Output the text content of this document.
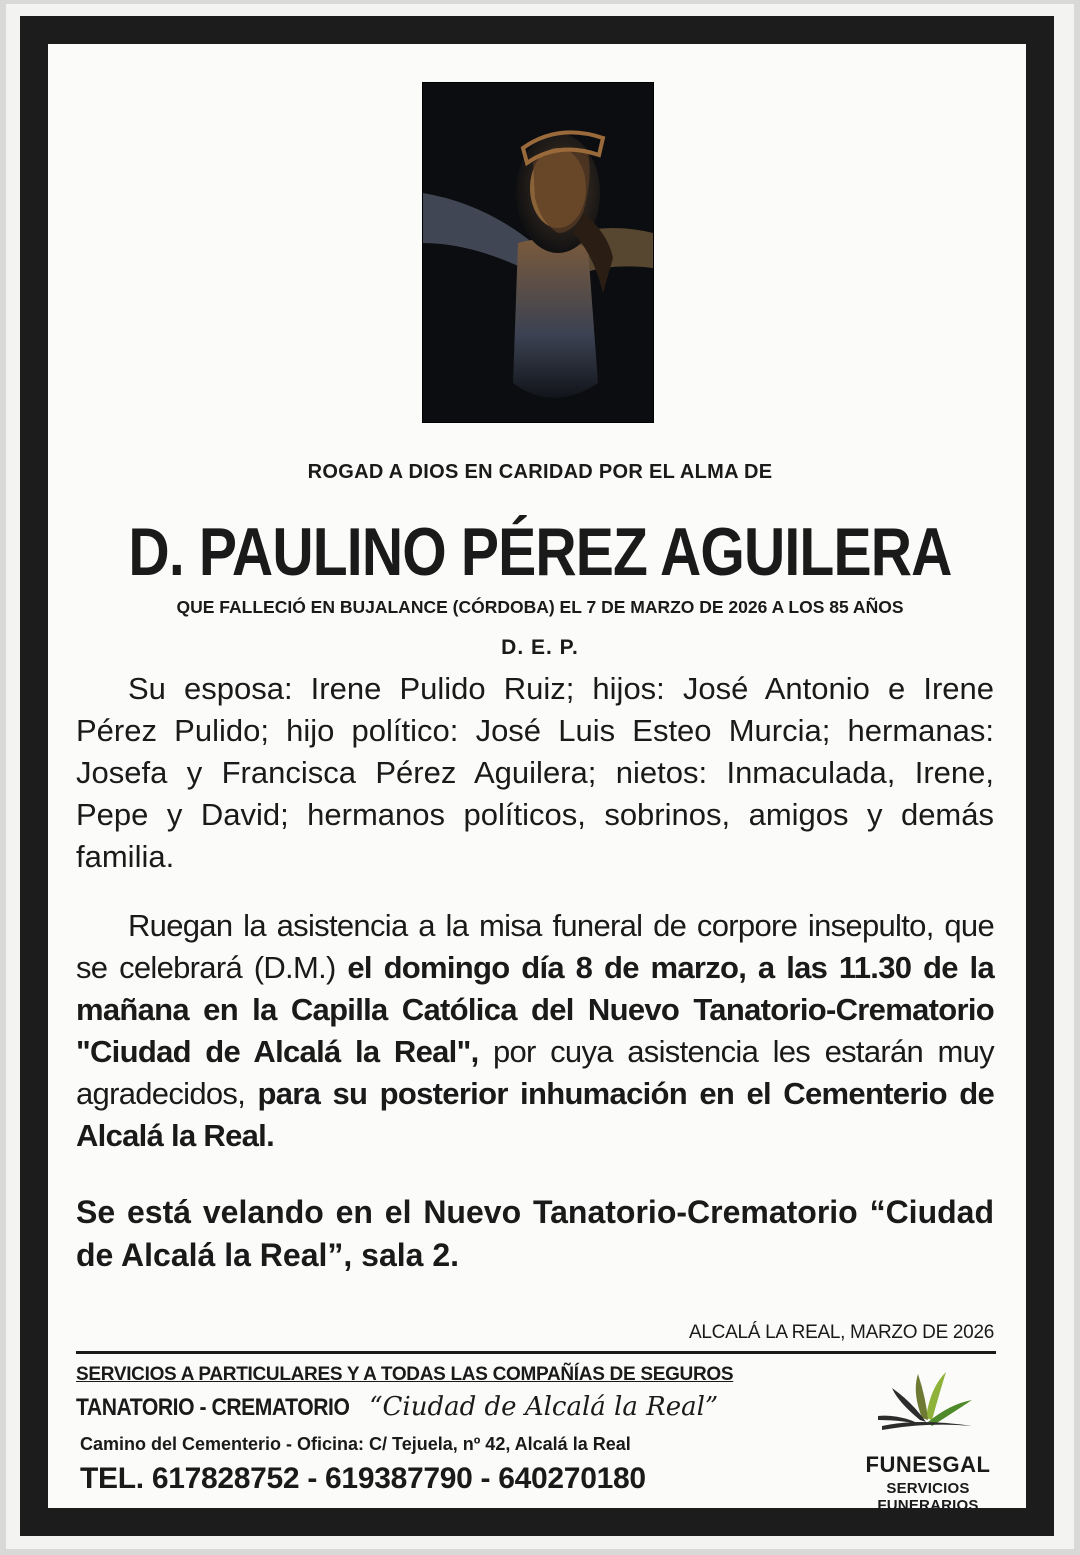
ROGAD A DIOS EN CARIDAD POR EL ALMA DE
D. PAULINO PÉREZ AGUILERA
QUE FALLECIÓ EN BUJALANCE (CÓRDOBA) EL 7 DE MARZO DE 2026 A LOS 85 AÑOS
D. E. P.
Su esposa: Irene Pulido Ruiz; hijos: José Antonio e Irene Pérez Pulido; hijo político: José Luis Esteo Murcia; hermanas: Josefa y Francisca Pérez Aguilera; nietos: Inmaculada, Irene, Pepe y David; hermanos políticos, sobrinos, amigos y demás familia.
Ruegan la asistencia a la misa funeral de corpore insepulto, que se celebrará (D.M.) el domingo día 8 de marzo, a las 11.30 de la mañana en la Capilla Católica del Nuevo Tanatorio-Crematorio "Ciudad de Alcalá la Real", por cuya asistencia les estarán muy agradecidos, para su posterior inhumación en el Cementerio de Alcalá la Real.
Se está velando en el Nuevo Tanatorio-Crematorio “Ciudad de Alcalá la Real”, sala 2.
ALCALÁ LA REAL, MARZO DE 2026
SERVICIOS A PARTICULARES Y A TODAS LAS COMPAÑÍAS DE SEGUROS
TANATORIO - CREMATORIO “Ciudad de Alcalá la Real”
Camino del Cementerio - Oficina: C/ Tejuela, nº 42, Alcalá la Real
TEL. 617828752 - 619387790 - 640270180	FUNESGAL
SERVICIOS FUNERARIOS
